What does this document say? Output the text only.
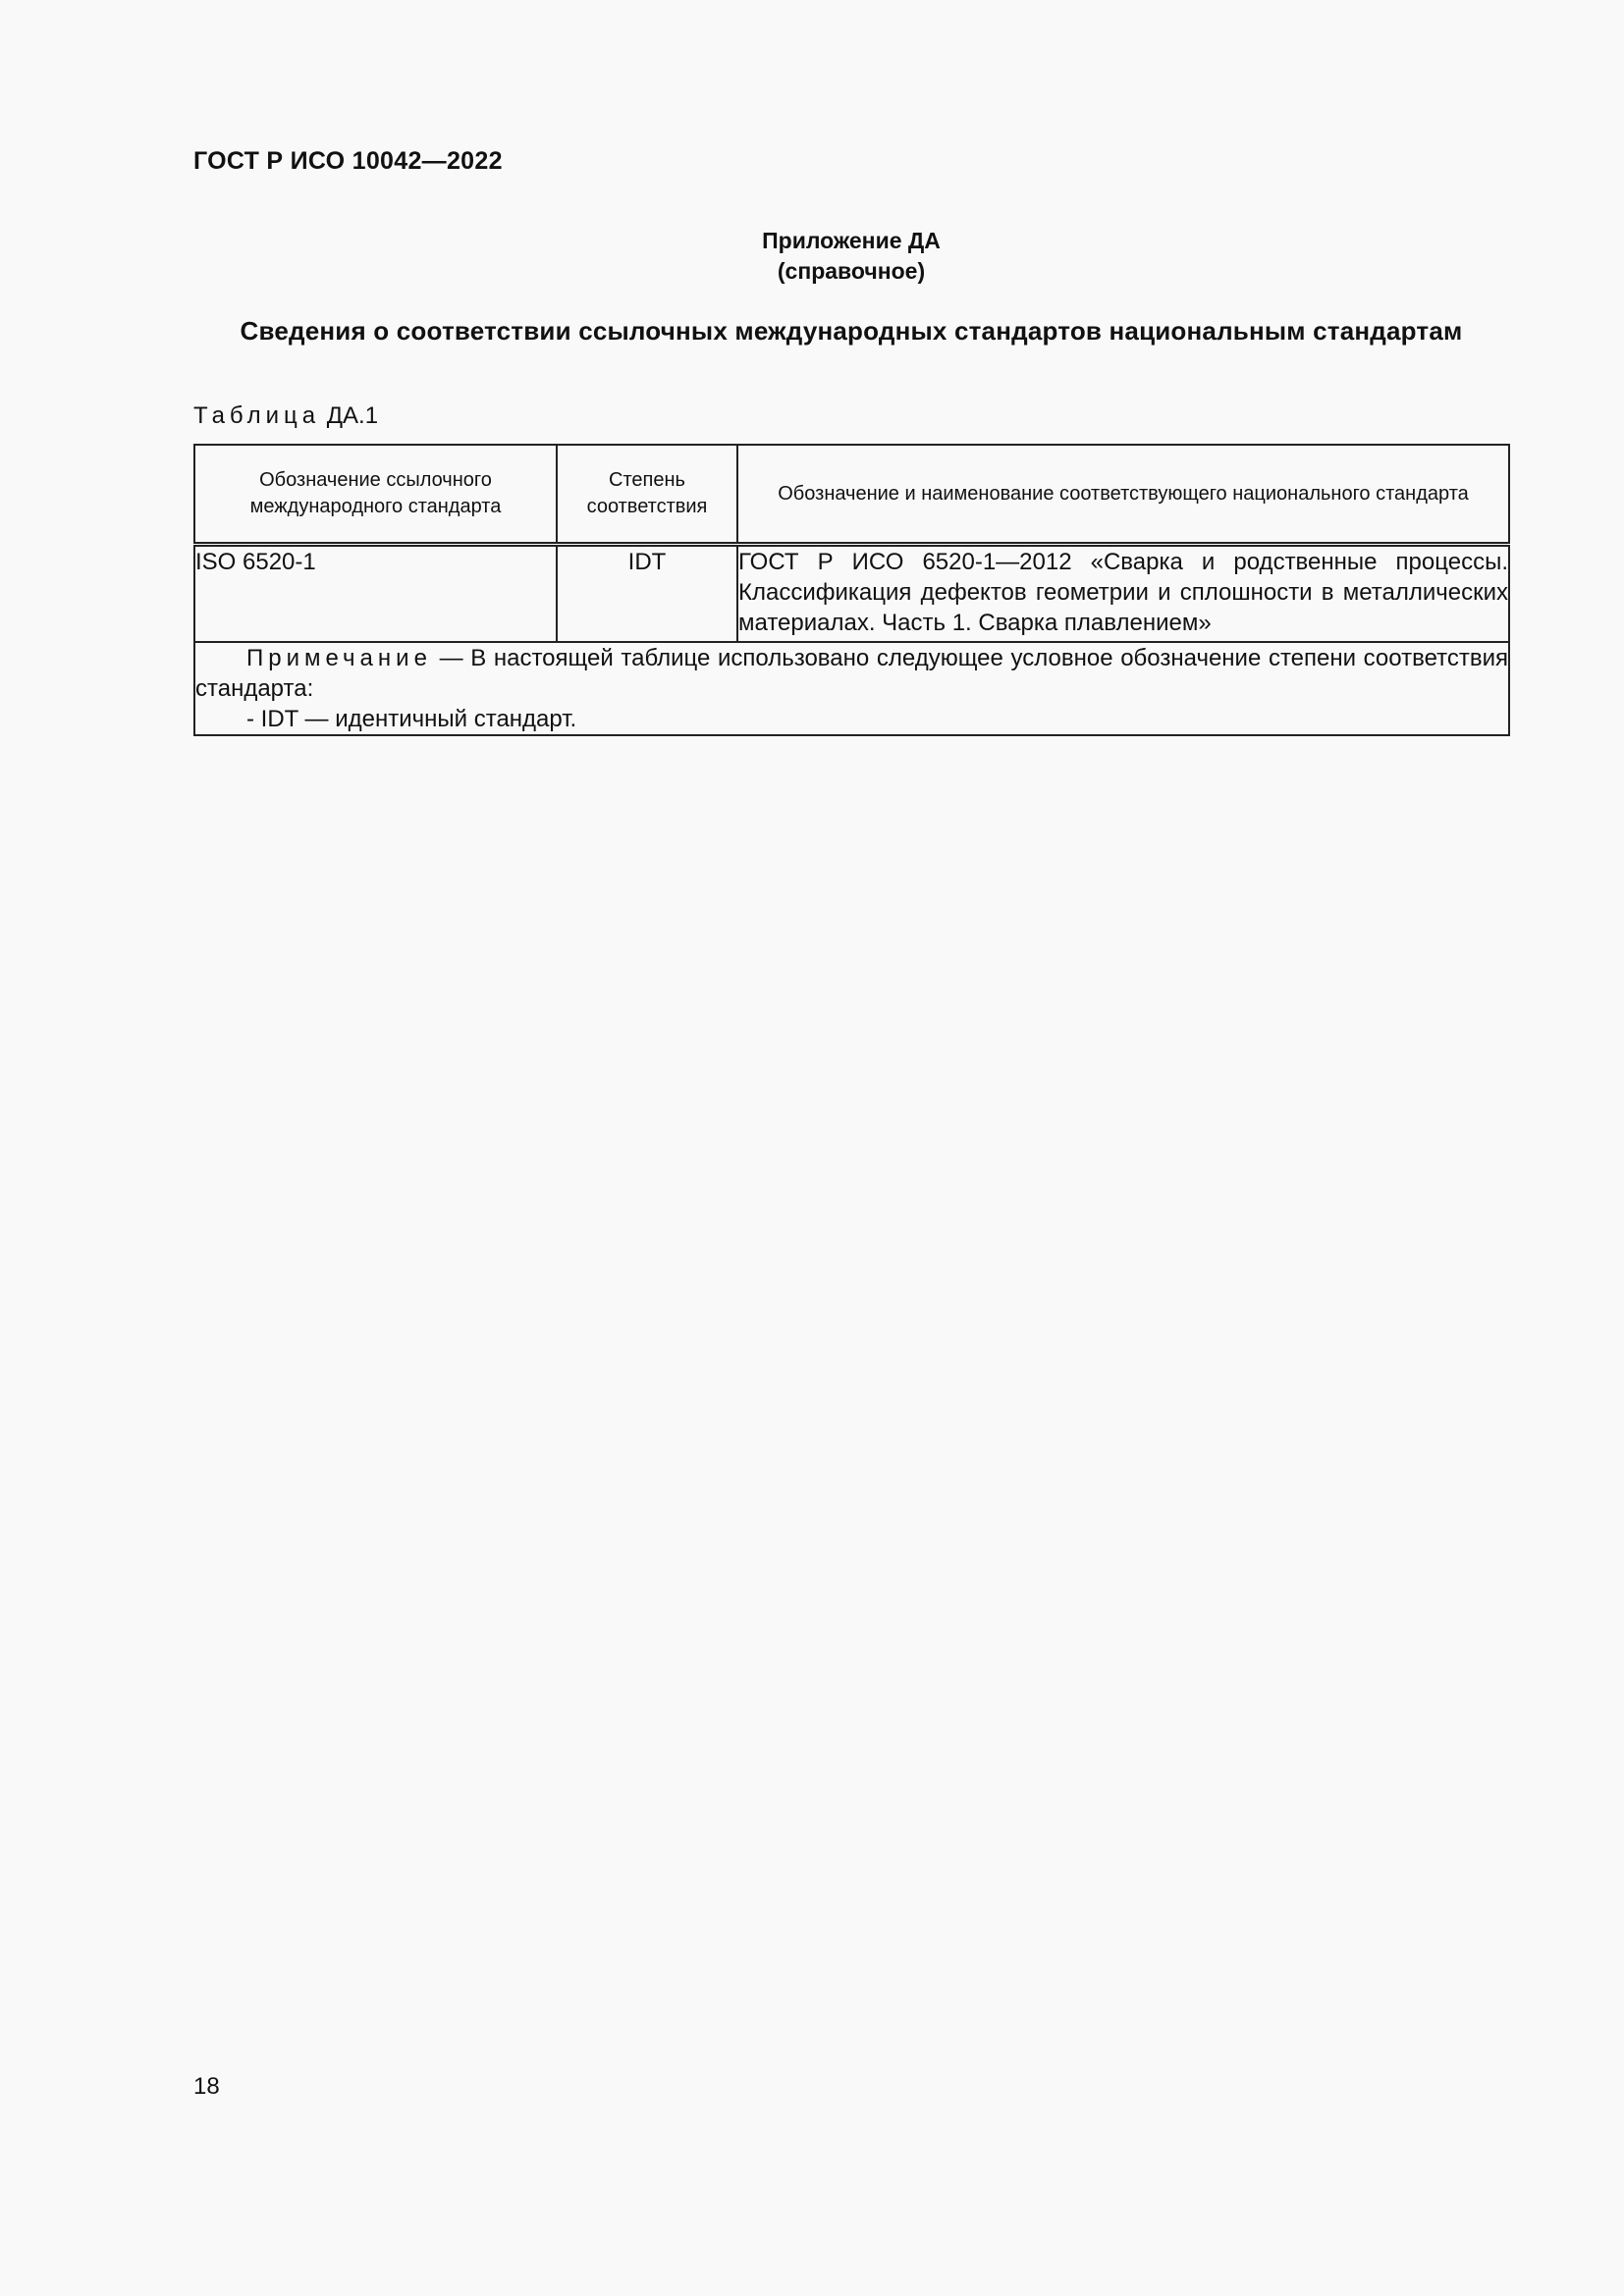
ГОСТ Р ИСО 10042—2022
Приложение ДА
(справочное)
Сведения о соответствии ссылочных международных стандартов национальным стандартам
Таблица ДА.1
Обозначение ссылочного международного стандарта	Степень соответствия	Обозначение и наименование соответствующего национального стандарта
ISO 6520-1	IDT	ГОСТ Р ИСО 6520-1—2012 «Сварка и родственные процессы. Классификация дефектов геометрии и сплошности в металлических материалах. Часть 1. Сварка плавлением»

Примечание — В настоящей таблице использовано следующее условное обозначение степени соответствия стандарта:
- IDT — идентичный стандарт.		
18
